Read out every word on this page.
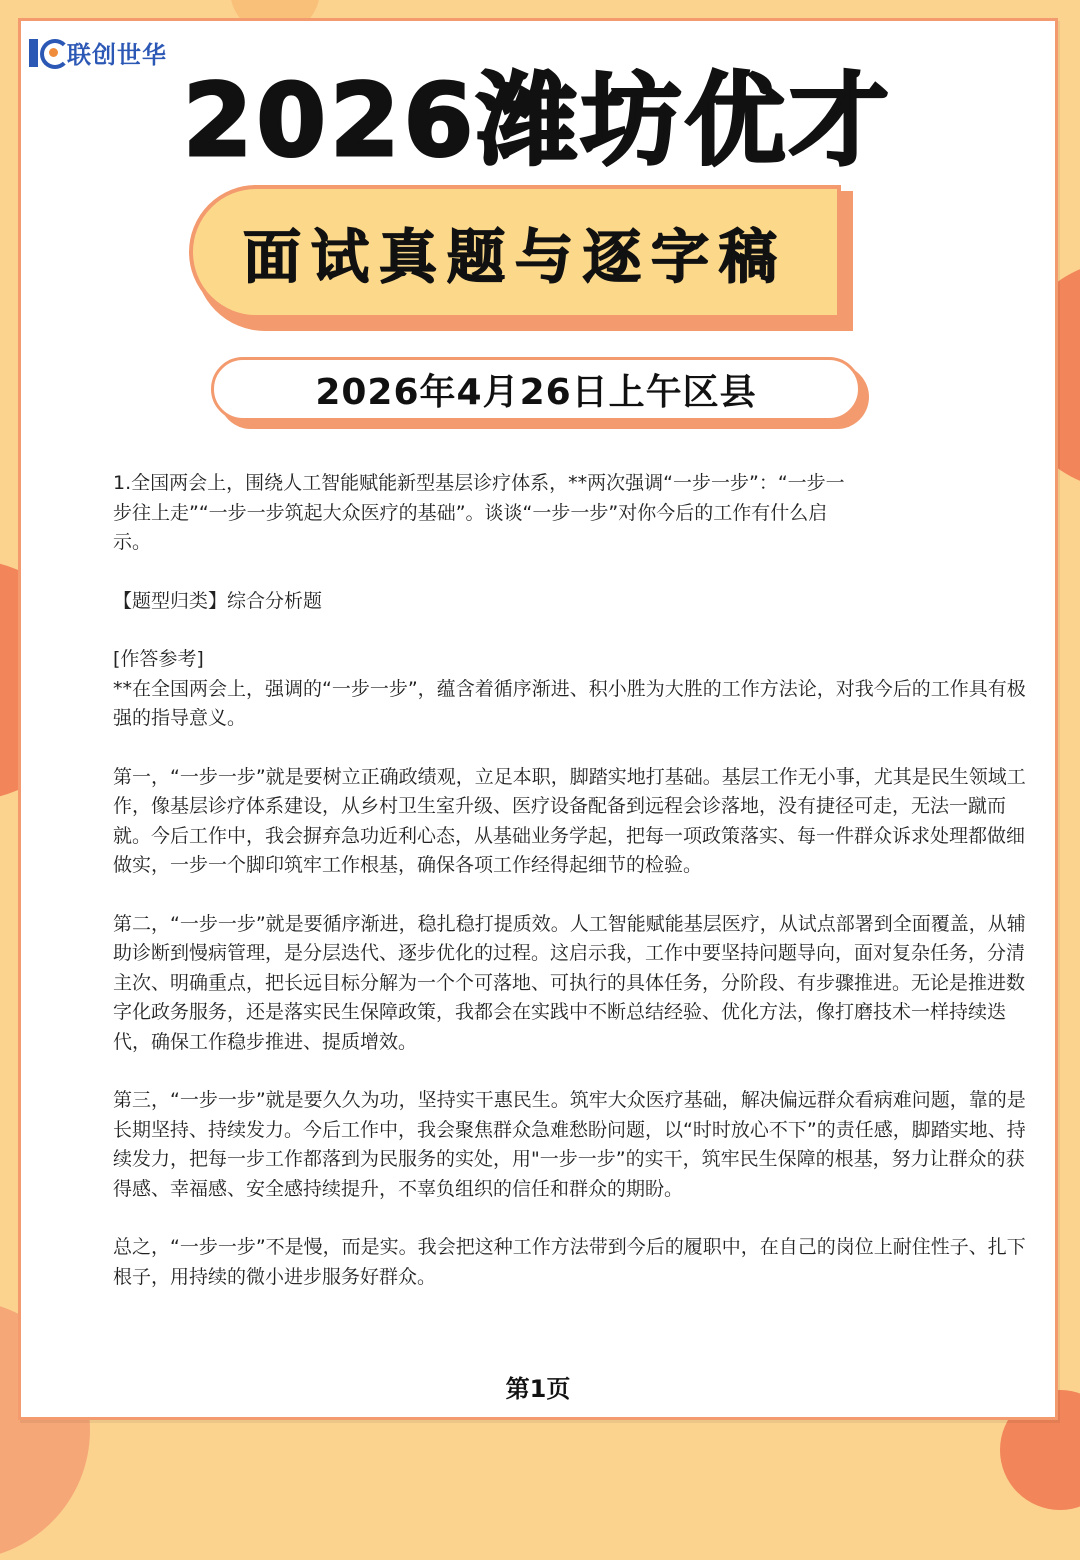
联创世华
2026潍坊优才
面试真题与逐字稿
2026年4月26日上午区县

1.全国两会上，围绕人工智能赋能新型基层诊疗体系，**两次强调“一步一步”：“一步一步往上走”“一步一步筑起大众医疗的基础”。谈谈“一步一步”对你今后的工作有什么启示。

【题型归类】综合分析题

[作答参考]

**在全国两会上，强调的“一步一步”，蕴含着循序渐进、积小胜为大胜的工作方法论，对我今后的工作具有极强的指导意义。

第一，“一步一步”就是要树立正确政绩观，立足本职，脚踏实地打基础。基层工作无小事，尤其是民生领域工作，像基层诊疗体系建设，从乡村卫生室升级、医疗设备配备到远程会诊落地，没有捷径可走，无法一蹴而就。今后工作中，我会摒弃急功近利心态，从基础业务学起，把每一项政策落实、每一件群众诉求处理都做细做实，一步一个脚印筑牢工作根基，确保各项工作经得起细节的检验。

第二，“一步一步”就是要循序渐进，稳扎稳打提质效。人工智能赋能基层医疗，从试点部署到全面覆盖，从辅助诊断到慢病管理，是分层迭代、逐步优化的过程。这启示我，工作中要坚持问题导向，面对复杂任务，分清主次、明确重点，把长远目标分解为一个个可落地、可执行的具体任务，分阶段、有步骤推进。无论是推进数字化政务服务，还是落实民生保障政策，我都会在实践中不断总结经验、优化方法，像打磨技术一样持续迭代，确保工作稳步推进、提质增效。

第三，“一步一步”就是要久久为功，坚持实干惠民生。筑牢大众医疗基础，解决偏远群众看病难问题，靠的是长期坚持、持续发力。今后工作中，我会聚焦群众急难愁盼问题，以“时时放心不下”的责任感，脚踏实地、持续发力，把每一步工作都落到为民服务的实处，用"一步一步”的实干，筑牢民生保障的根基，努力让群众的获得感、幸福感、安全感持续提升，不辜负组织的信任和群众的期盼。

总之，“一步一步”不是慢，而是实。我会把这种工作方法带到今后的履职中，在自己的岗位上耐住性子、扎下根子，用持续的微小进步服务好群众。

第1页
